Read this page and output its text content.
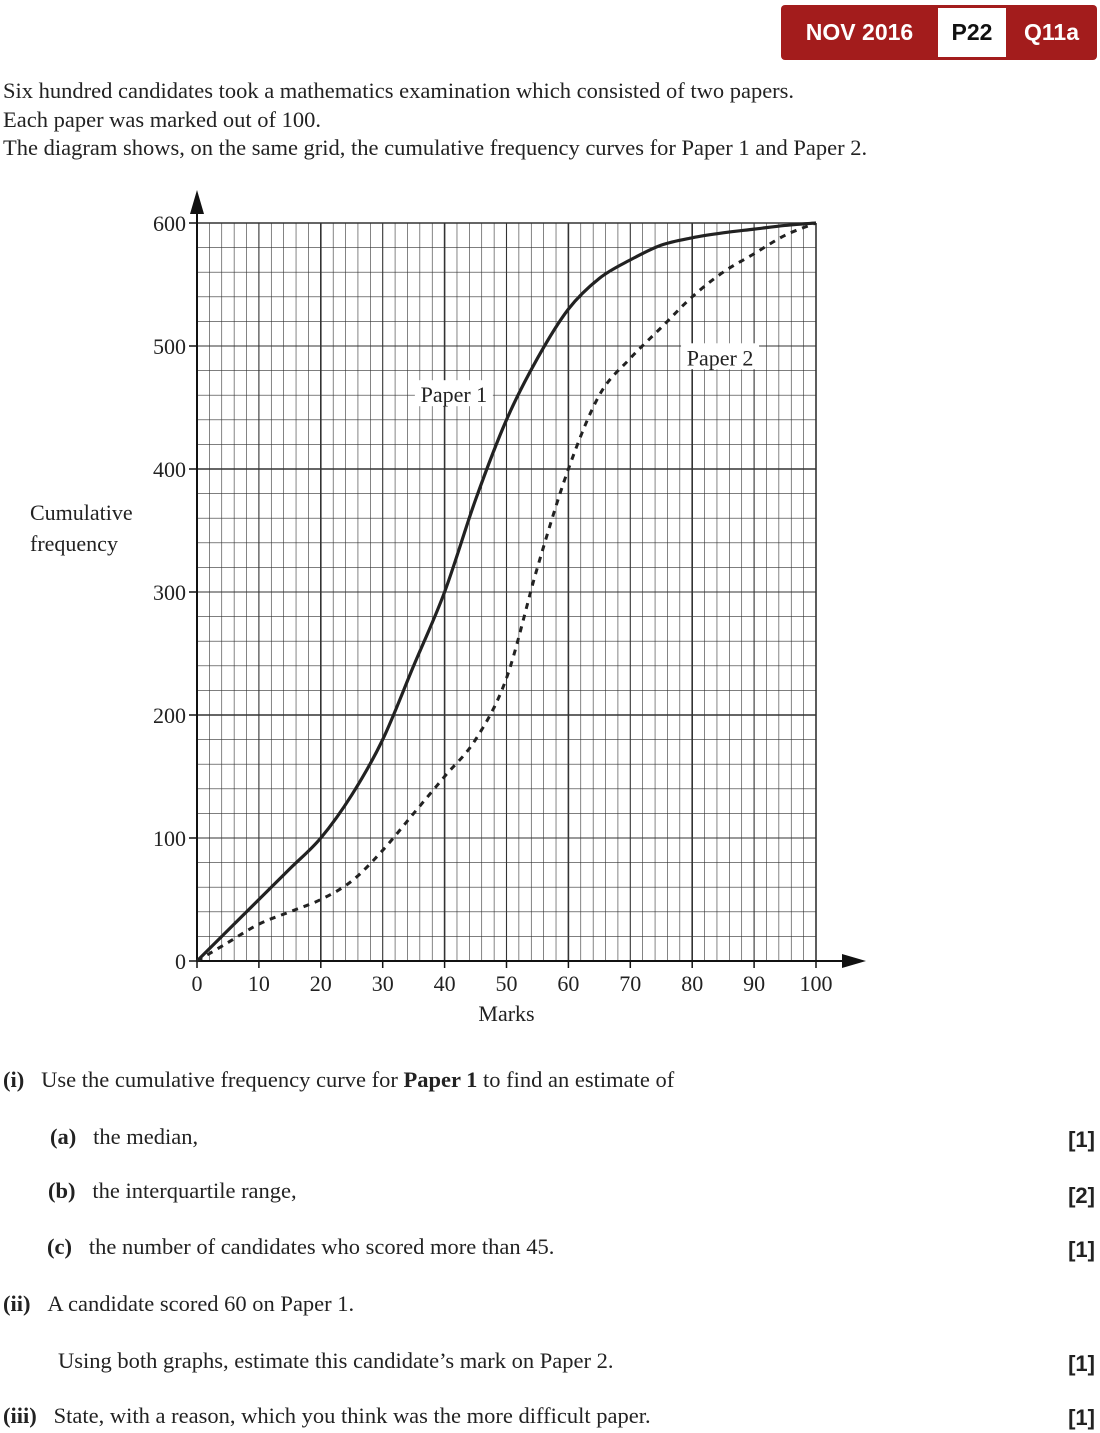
NOV 2016	P22	Q11a
Six hundred candidates took a mathematics examination which consisted of two papers.
Each paper was marked out of 100.
The diagram shows, on the same grid, the cumulative frequency curves for Paper 1 and Paper 2.
0 10 20 30 40 50 60 70 80 90 100
0
100
200
300
400
500
600
Marks
Cumulative frequency
Paper 1
Paper 2
(i) Use the cumulative frequency curve for Paper 1 to find an estimate of
(a) the median,	[1]
(b) the interquartile range,	[2]
(c) the number of candidates who scored more than 45.	[1]
(ii) A candidate scored 60 on Paper 1.
Using both graphs, estimate this candidate’s mark on Paper 2.	[1]
(iii) State, with a reason, which you think was the more difficult paper.	[1]
